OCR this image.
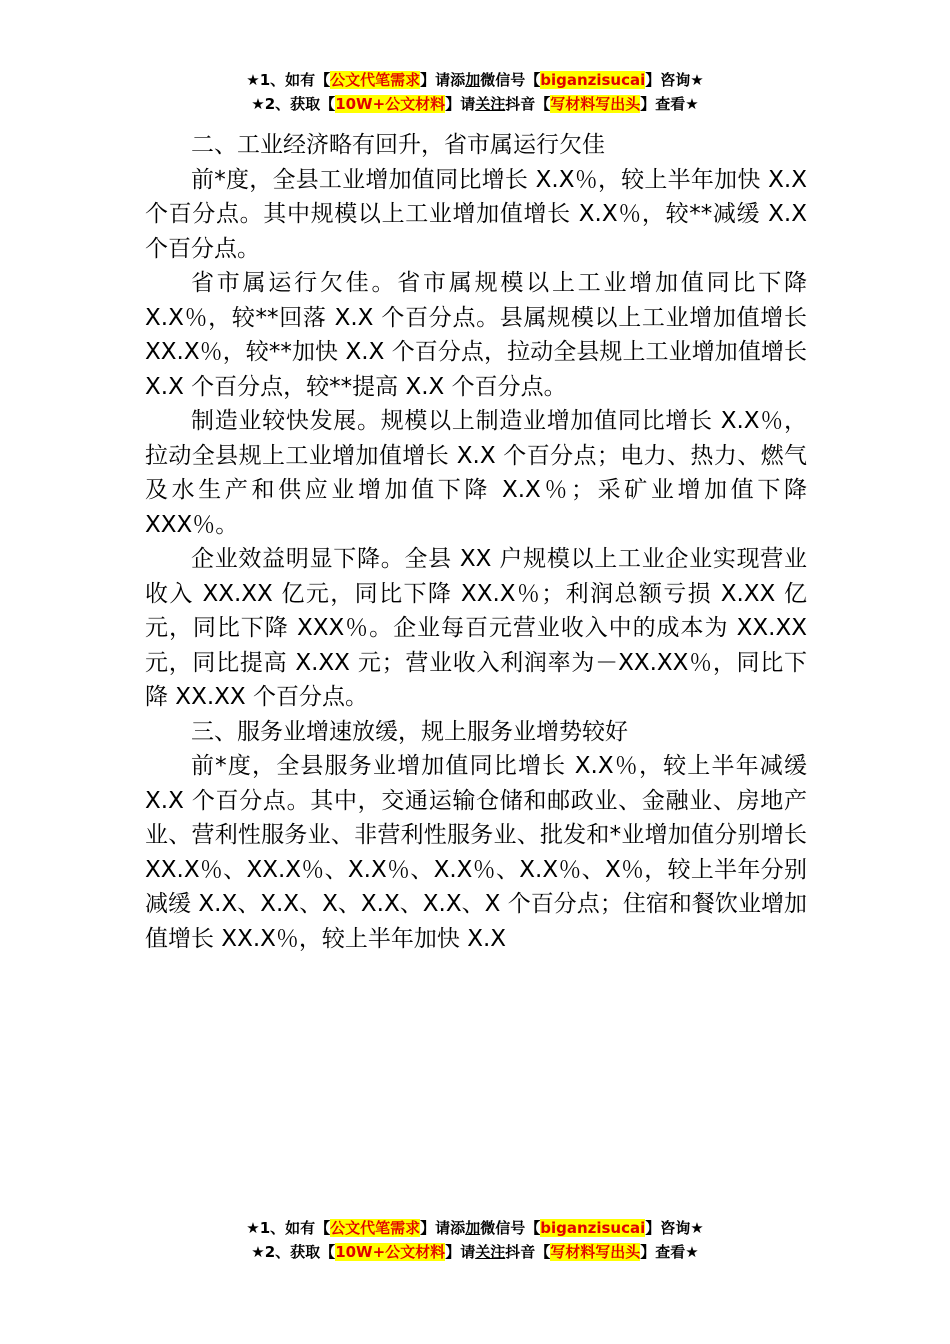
★1、如有【公文代笔需求】请添加微信号【biganzisucai】咨询★
★2、获取【10W+公文材料】请关注抖音【写材料写出头】查看★

二、工业经济略有回升，省市属运行欠佳

前*度，全县工业增加值同比增长 X.X％，较上半年加快 X.X 个百分点。其中规模以上工业增加值增长 X.X％，较**减缓 X.X 个百分点。

省市属运行欠佳。省市属规模以上工业增加值同比下降 X.X％，较**回落 X.X 个百分点。县属规模以上工业增加值增长 XX.X％，较**加快 X.X 个百分点，拉动全县规上工业增加值增长 X.X 个百分点，较**提高 X.X 个百分点。

制造业较快发展。规模以上制造业增加值同比增长 X.X％，拉动全县规上工业增加值增长 X.X 个百分点；电力、热力、燃气及水生产和供应业增加值下降 X.X％；采矿业增加值下降 XXX％。

企业效益明显下降。全县 XX 户规模以上工业企业实现营业收入 XX.XX 亿元，同比下降 XX.X％；利润总额亏损 X.XX 亿元，同比下降 XXX％。企业每百元营业收入中的成本为 XX.XX 元，同比提高 X.XX 元；营业收入利润率为－XX.XX％，同比下降 XX.XX 个百分点。

三、服务业增速放缓，规上服务业增势较好

前*度，全县服务业增加值同比增长 X.X％，较上半年减缓 X.X 个百分点。其中，交通运输仓储和邮政业、金融业、房地产业、营利性服务业、非营利性服务业、批发和*业增加值分别增长 XX.X％、XX.X％、X.X％、X.X％、X.X％、X％，较上半年分别减缓 X.X、X.X、X、X.X、X.X、X 个百分点；住宿和餐饮业增加值增长 XX.X％，较上半年加快 X.X

★1、如有【公文代笔需求】请添加微信号【biganzisucai】咨询★
★2、获取【10W+公文材料】请关注抖音【写材料写出头】查看★
